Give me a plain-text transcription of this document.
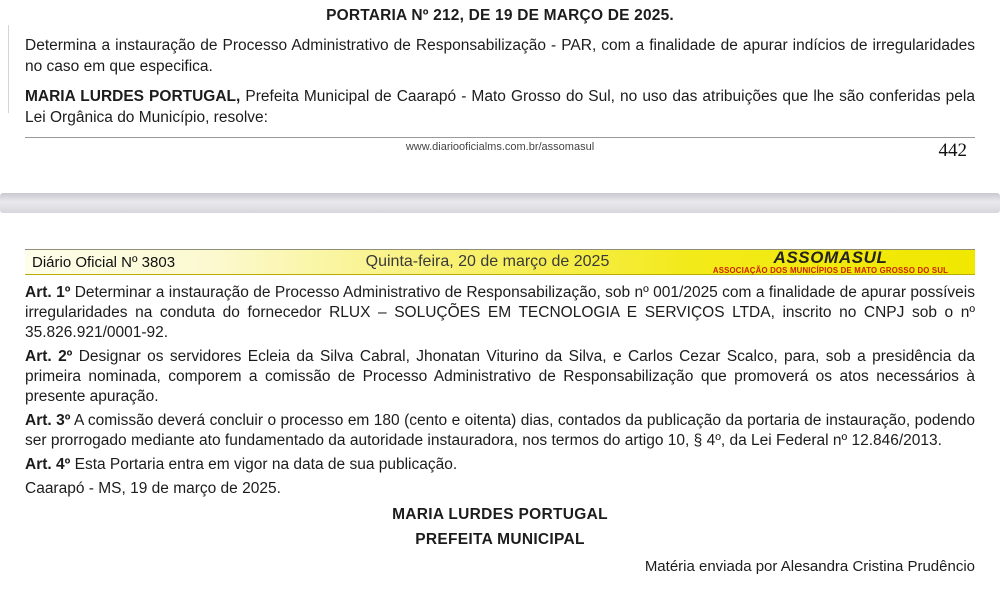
PORTARIA Nº 212, DE 19 DE MARÇO DE 2025.

Determina a instauração de Processo Administrativo de Responsabilização - PAR, com a finalidade de apurar indícios de irregularidades no caso em que especifica.

MARIA LURDES PORTUGAL, Prefeita Municipal de Caarapó - Mato Grosso do Sul, no uso das atribuições que lhe são conferidas pela Lei Orgânica do Município, resolve:

www.diariooficialms.com.br/assomasul	442
Diário Oficial Nº 3803	Quinta-feira, 20 de março de 2025	ASSOMASUL
ASSOCIAÇÃO DOS MUNICÍPIOS DE MATO GROSSO DO SUL

Art. 1º Determinar a instauração de Processo Administrativo de Responsabilização, sob nº 001/2025 com a finalidade de apurar possíveis irregularidades na conduta do fornecedor RLUX – SOLUÇÕES EM TECNOLOGIA E SERVIÇOS LTDA, inscrito no CNPJ sob o nº 35.826.921/0001-92.

Art. 2º Designar os servidores Ecleia da Silva Cabral, Jhonatan Viturino da Silva, e Carlos Cezar Scalco, para, sob a presidência da primeira nominada, comporem a comissão de Processo Administrativo de Responsabilização que promoverá os atos necessários à presente apuração.

Art. 3º A comissão deverá concluir o processo em 180 (cento e oitenta) dias, contados da publicação da portaria de instauração, podendo ser prorrogado mediante ato fundamentado da autoridade instauradora, nos termos do artigo 10, § 4º, da Lei Federal nº 12.846/2013.

Art. 4º Esta Portaria entra em vigor na data de sua publicação.

Caarapó - MS, 19 de março de 2025.

MARIA LURDES PORTUGAL
PREFEITA MUNICIPAL
Matéria enviada por Alesandra Cristina Prudêncio
